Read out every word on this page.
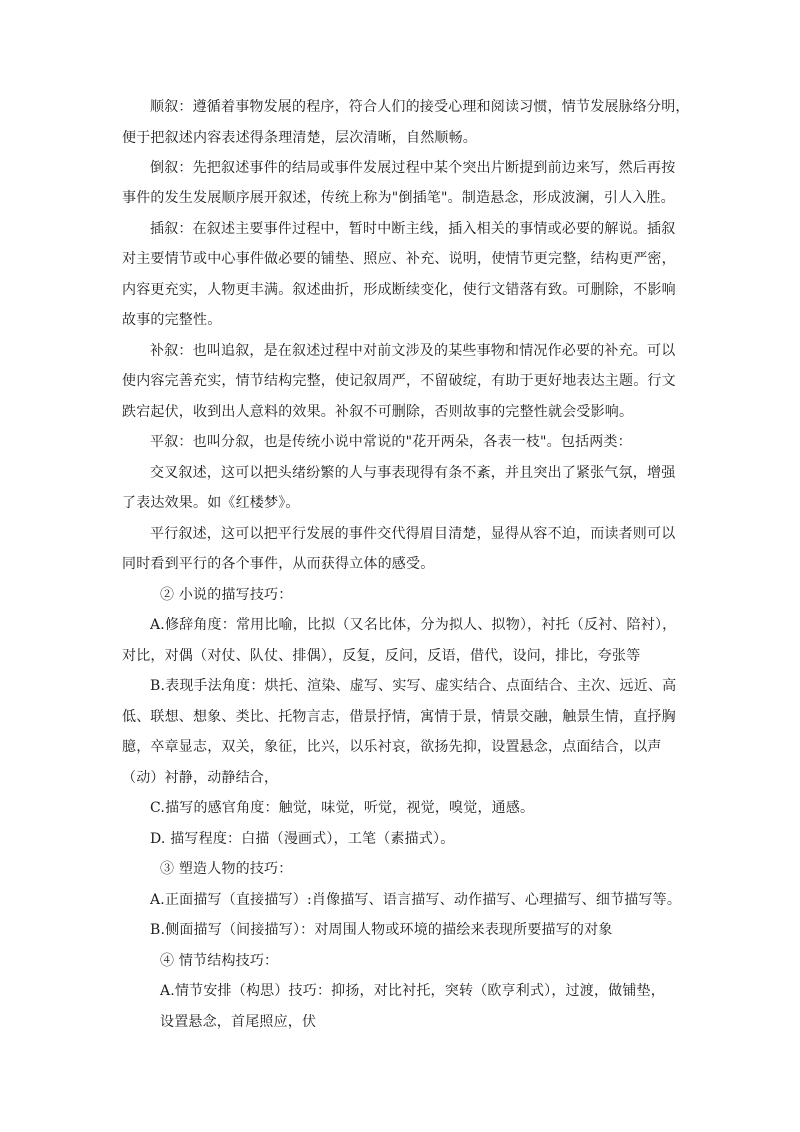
顺叙：遵循着事物发展的程序，符合人们的接受心理和阅读习惯，情节发展脉络分明，
便于把叙述内容表述得条理清楚，层次清晰，自然顺畅。
倒叙：先把叙述事件的结局或事件发展过程中某个突出片断提到前边来写，然后再按
事件的发生发展顺序展开叙述，传统上称为"倒插笔"。制造悬念，形成波澜，引人入胜。
插叙：在叙述主要事件过程中，暂时中断主线，插入相关的事情或必要的解说。插叙
对主要情节或中心事件做必要的铺垫、照应、补充、说明，使情节更完整，结构更严密，
内容更充实，人物更丰满。叙述曲折，形成断续变化，使行文错落有致。可删除，不影响
故事的完整性。
补叙：也叫追叙，是在叙述过程中对前文涉及的某些事物和情况作必要的补充。可以
使内容完善充实，情节结构完整，使记叙周严，不留破绽，有助于更好地表达主题。行文
跌宕起伏，收到出人意料的效果。补叙不可删除，否则故事的完整性就会受影响。
平叙：也叫分叙，也是传统小说中常说的"花开两朵，各表一枝"。包括两类：
交叉叙述，这可以把头绪纷繁的人与事表现得有条不紊，并且突出了紧张气氛，增强
了表达效果。如《红楼梦》。
平行叙述，这可以把平行发展的事件交代得眉目清楚，显得从容不迫，而读者则可以
同时看到平行的各个事件，从而获得立体的感受。
② 小说的描写技巧：
A.修辞角度：常用比喻，比拟（又名比体，分为拟人、拟物），衬托（反衬、陪衬），
对比，对偶（对仗、队仗、排偶），反复，反问，反语，借代，设问，排比，夸张等
B.表现手法角度：烘托、渲染、虚写、实写、虚实结合、点面结合、主次、远近、高
低、联想、想象、类比、托物言志，借景抒情，寓情于景，情景交融，触景生情，直抒胸
臆，卒章显志，双关，象征，比兴，以乐衬哀，欲扬先抑，设置悬念，点面结合，以声
（动）衬静，动静结合，
C.描写的感官角度：触觉，味觉，听觉，视觉，嗅觉，通感。
D. 描写程度：白描（漫画式），工笔（素描式）。
③ 塑造人物的技巧：
A.正面描写（直接描写）:肖像描写、语言描写、动作描写、心理描写、细节描写等。
B.侧面描写（间接描写）：对周围人物或环境的描绘来表现所要描写的对象
④ 情节结构技巧：
A.情节安排（构思）技巧：抑扬，对比衬托，突转（欧亨利式），过渡，做铺垫，
设置悬念，首尾照应，伏
